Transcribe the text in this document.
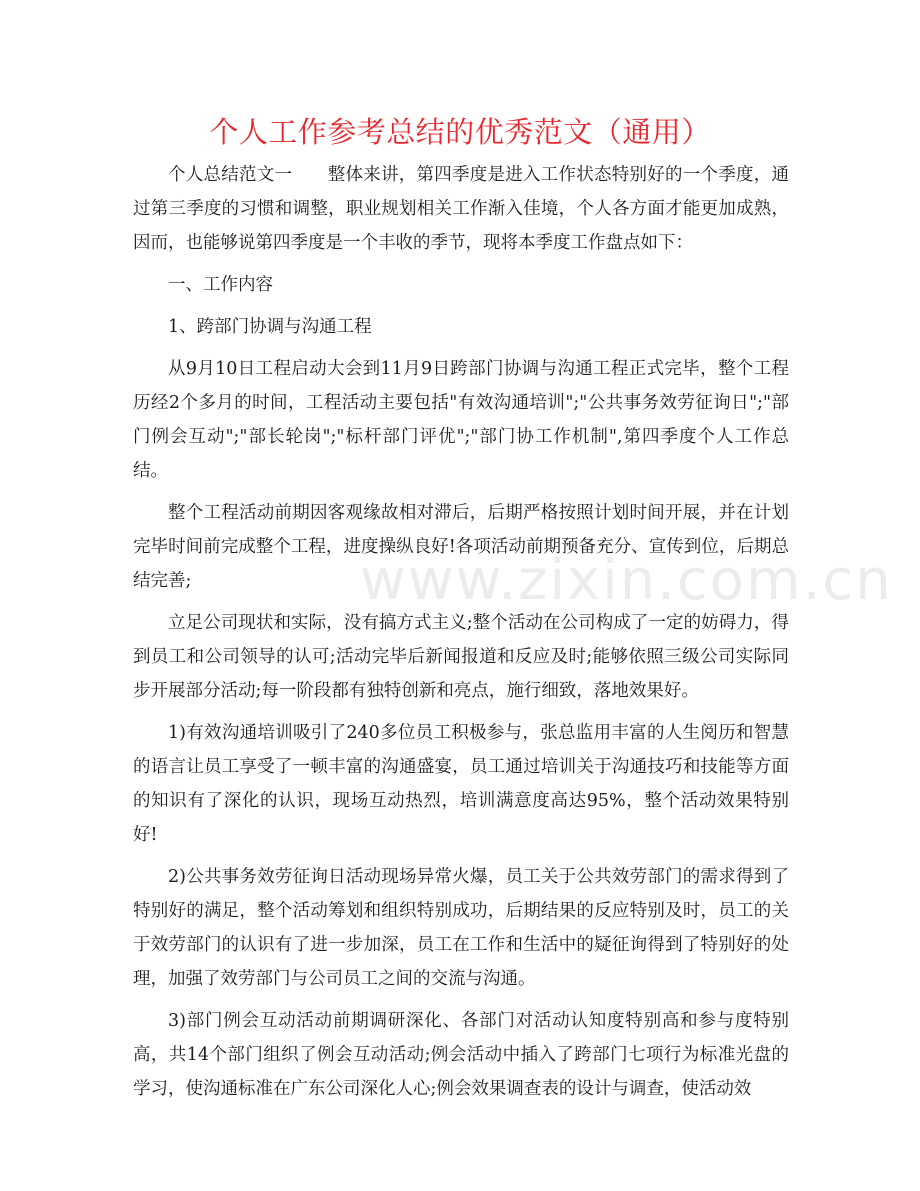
www.zixin.com.cn
个人工作参考总结的优秀范文（通用）

个人总结范文一　　整体来讲，第四季度是进入工作状态特别好的一个季度，通过第三季度的习惯和调整，职业规划相关工作渐入佳境，个人各方面才能更加成熟，因而，也能够说第四季度是一个丰收的季节，现将本季度工作盘点如下：

一、工作内容

1、跨部门协调与沟通工程

从9月10日工程启动大会到11月9日跨部门协调与沟通工程正式完毕，整个工程历经2个多月的时间，工程活动主要包括"有效沟通培训";"公共事务效劳征询日";"部门例会互动";"部长轮岗";"标杆部门评优";"部门协工作机制",第四季度个人工作总结。

整个工程活动前期因客观缘故相对滞后，后期严格按照计划时间开展，并在计划完毕时间前完成整个工程，进度操纵良好!各项活动前期预备充分、宣传到位，后期总结完善;

立足公司现状和实际，没有搞方式主义;整个活动在公司构成了一定的妨碍力，得到员工和公司领导的认可;活动完毕后新闻报道和反应及时;能够依照三级公司实际同步开展部分活动;每一阶段都有独特创新和亮点，施行细致，落地效果好。

1)有效沟通培训吸引了240多位员工积极参与，张总监用丰富的人生阅历和智慧的语言让员工享受了一顿丰富的沟通盛宴，员工通过培训关于沟通技巧和技能等方面的知识有了深化的认识，现场互动热烈，培训满意度高达95%，整个活动效果特别好!

2)公共事务效劳征询日活动现场异常火爆，员工关于公共效劳部门的需求得到了特别好的满足，整个活动筹划和组织特别成功，后期结果的反应特别及时，员工的关于效劳部门的认识有了进一步加深，员工在工作和生活中的疑征询得到了特别好的处理，加强了效劳部门与公司员工之间的交流与沟通。

3)部门例会互动活动前期调研深化、各部门对活动认知度特别高和参与度特别高，共14个部门组织了例会互动活动;例会活动中插入了跨部门七项行为标准光盘的学习，使沟通标准在广东公司深化人心;例会效果调查表的设计与调查，使活动效
